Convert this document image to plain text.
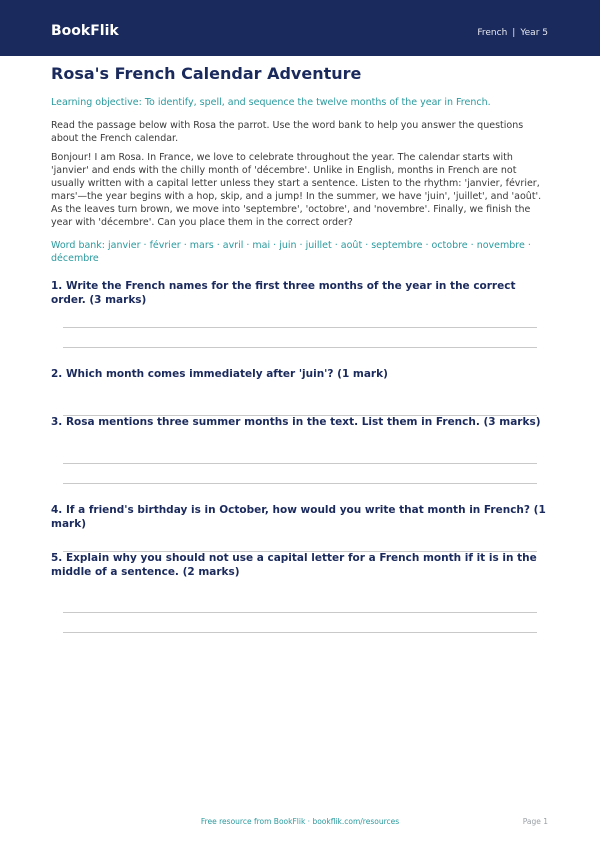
BookFlik	French | Year 5
Rosa's French Calendar Adventure
Learning objective: To identify, spell, and sequence the twelve months of the year in French.
Read the passage below with Rosa the parrot. Use the word bank to help you answer the questions about the French calendar.
Bonjour! I am Rosa. In France, we love to celebrate throughout the year. The calendar starts with 'janvier' and ends with the chilly month of 'décembre'. Unlike in English, months in French are not usually written with a capital letter unless they start a sentence. Listen to the rhythm: 'janvier, février, mars'—the year begins with a hop, skip, and a jump! In the summer, we have 'juin', 'juillet', and 'août'. As the leaves turn brown, we move into 'septembre', 'octobre', and 'novembre'. Finally, we finish the year with 'décembre'. Can you place them in the correct order?
Word bank: janvier · février · mars · avril · mai · juin · juillet · août · septembre · octobre · novembre · décembre
1. Write the French names for the first three months of the year in the correct order. (3 marks)
2. Which month comes immediately after 'juin'? (1 mark)
3. Rosa mentions three summer months in the text. List them in French. (3 marks)
4. If a friend's birthday is in October, how would you write that month in French? (1 mark)
5. Explain why you should not use a capital letter for a French month if it is in the middle of a sentence. (2 marks)
Free resource from BookFlik · bookflik.com/resources	Page 1
